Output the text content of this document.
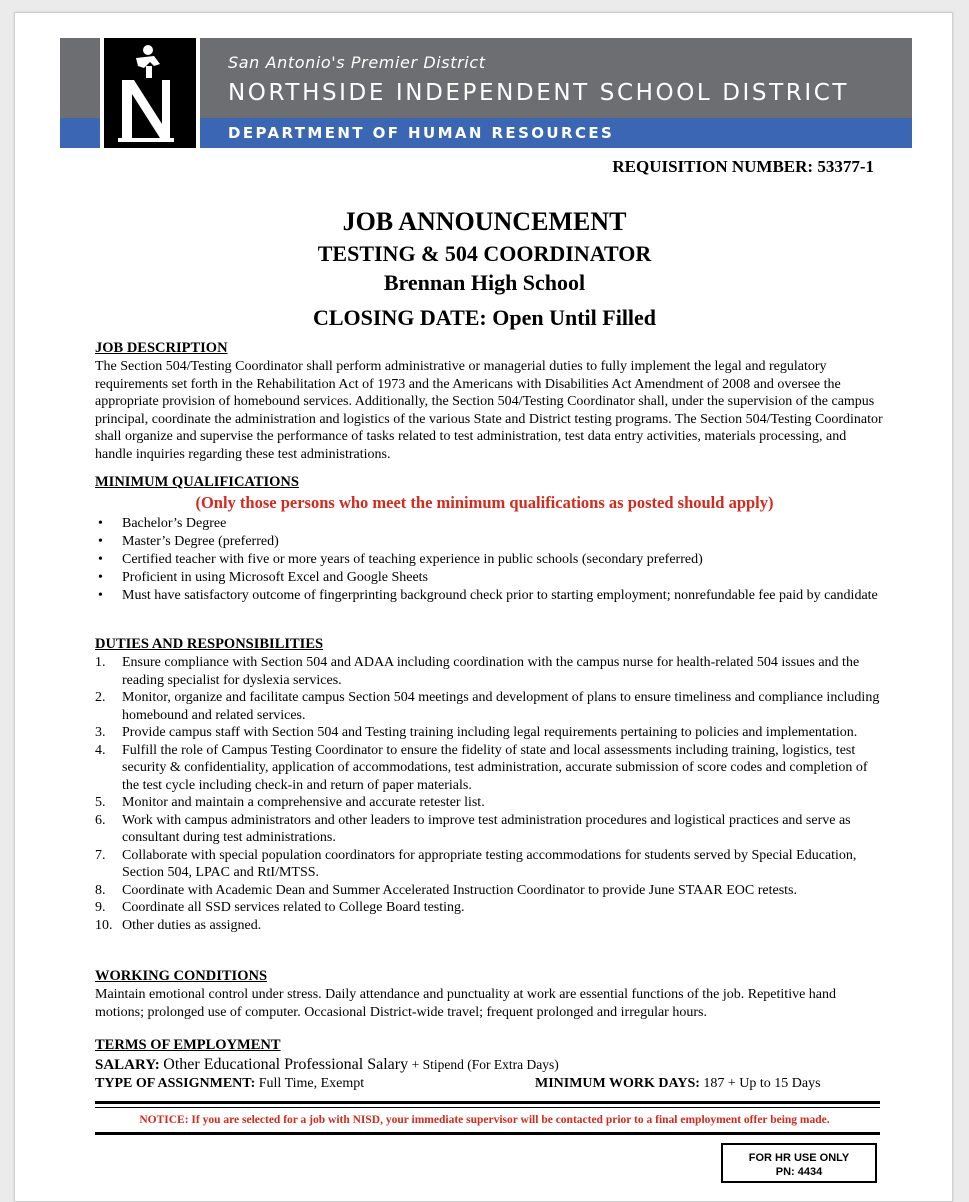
San Antonio's Premier District
NORTHSIDE INDEPENDENT SCHOOL DISTRICT
DEPARTMENT OF HUMAN RESOURCES
REQUISITION NUMBER: 53377-1
JOB ANNOUNCEMENT
TESTING & 504 COORDINATOR
Brennan High School
CLOSING DATE: Open Until Filled
JOB DESCRIPTION
The Section 504/Testing Coordinator shall perform administrative or managerial duties to fully implement the legal and regulatory requirements set forth in the Rehabilitation Act of 1973 and the Americans with Disabilities Act Amendment of 2008 and oversee the appropriate provision of homebound services. Additionally, the Section 504/Testing Coordinator shall, under the supervision of the campus principal, coordinate the administration and logistics of the various State and District testing programs. The Section 504/Testing Coordinator shall organize and supervise the performance of tasks related to test administration, test data entry activities, materials processing, and handle inquiries regarding these test administrations.
MINIMUM QUALIFICATIONS
(Only those persons who meet the minimum qualifications as posted should apply)
• Bachelor’s Degree
• Master’s Degree (preferred)
• Certified teacher with five or more years of teaching experience in public schools (secondary preferred)
• Proficient in using Microsoft Excel and Google Sheets
• Must have satisfactory outcome of fingerprinting background check prior to starting employment; nonrefundable fee paid by candidate
DUTIES AND RESPONSIBILITIES
1. Ensure compliance with Section 504 and ADAA including coordination with the campus nurse for health-related 504 issues and the reading specialist for dyslexia services.
2. Monitor, organize and facilitate campus Section 504 meetings and development of plans to ensure timeliness and compliance including homebound and related services.
3. Provide campus staff with Section 504 and Testing training including legal requirements pertaining to policies and implementation.
4. Fulfill the role of Campus Testing Coordinator to ensure the fidelity of state and local assessments including training, logistics, test security & confidentiality, application of accommodations, test administration, accurate submission of score codes and completion of the test cycle including check-in and return of paper materials.
5. Monitor and maintain a comprehensive and accurate retester list.
6. Work with campus administrators and other leaders to improve test administration procedures and logistical practices and serve as consultant during test administrations.
7. Collaborate with special population coordinators for appropriate testing accommodations for students served by Special Education, Section 504, LPAC and RtI/MTSS.
8. Coordinate with Academic Dean and Summer Accelerated Instruction Coordinator to provide June STAAR EOC retests.
9. Coordinate all SSD services related to College Board testing.
10. Other duties as assigned.
WORKING CONDITIONS
Maintain emotional control under stress. Daily attendance and punctuality at work are essential functions of the job. Repetitive hand motions; prolonged use of computer. Occasional District-wide travel; frequent prolonged and irregular hours.
TERMS OF EMPLOYMENT
SALARY: Other Educational Professional Salary + Stipend (For Extra Days)
TYPE OF ASSIGNMENT: Full Time, Exempt	MINIMUM WORK DAYS: 187 + Up to 15 Days
NOTICE: If you are selected for a job with NISD, your immediate supervisor will be contacted prior to a final employment offer being made.
FOR HR USE ONLY
PN: 4434
